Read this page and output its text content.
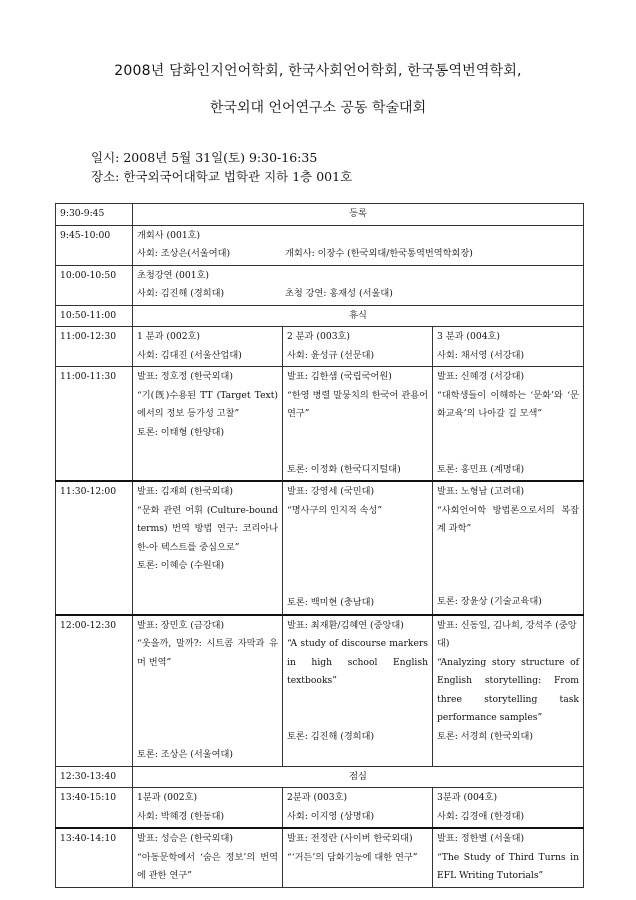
2008년 담화인지언어학회, 한국사회언어학회, 한국통역번역학회,
한국외대 언어연구소 공동 학술대회
일시: 2008년 5월 31일(토) 9:30-16:35
장소: 한국외국어대학교 법학관 지하 1층 001호
9:30-9:45	등록		
9:45-10:00	개회사 (001호)
사회: 조상은(서울여대) 개회사: 이장수 (한국외대/한국통역번역학회장)		

10:00-10:50	초청강연 (001호)
사회: 김진해 (경희대) 초청 강연: 홍재성 (서울대)		

10:50-11:00	휴식		
11:00-12:30	1 분과 (002호)
사회: 김대진 (서울산업대)	2 분과 (003호)
사회: 윤성규 (선문대)	3 분과 (004호)
사회: 채서영 (서강대)

11:00-11:30	발표: 정호정 (한국외대)
“기(旣)수용된 TT (Target Text)에서의 정보 등가성 고찰”
토론: 이태형 (한양대)	발표: 김한샘 (국립국어원)
“한영 병렬 말뭉치의 한국어 관용어 연구”
토론: 이정화 (한국디지털대)	발표: 신혜경 (서강대)
“대학생들이 이해하는 ‘문화’와 ‘문화교육’의 나아갈 길 모색”
토론: 홍민표 (계명대)

11:30-12:00	발표: 김재희 (한국외대)
“문화 관련 어휘 (Culture-bound terms) 번역 방법 연구: 코리아나 한-아 텍스트를 중심으로”
토론: 이혜승 (수원대)	발표: 강영세 (국민대)
“명사구의 인지적 속성”
토론: 백미현 (충남대)	발표: 노형남 (고려대)
“사회언어학 방법론으로서의 복잡계 과학”
토론: 장윤상 (기술교육대)

12:00-12:30	발표: 장민호 (금강대)
“웃을까, 말까?: 시트콤 자막과 유머 번역”
토론: 조상은 (서울여대)	발표: 최재환/김혜연 (중앙대)
“A study of discourse markers in high school English textbooks”
토론: 김진해 (경희대)	발표: 신동일, 김나희, 강석주 (중앙대)
“Analyzing story structure of English storytelling: From three storytelling task performance samples”
토론: 서경희 (한국외대)

12:30-13:40	점심		
13:40-15:10	1분과 (002호)
사회: 박혜경 (한동대)	2분과 (003호)
사회: 이지영 (상명대)	3분과 (004호)
사회: 김경애 (한경대)

13:40-14:10	발표: 성승은 (한국외대)
“아동문학에서 ‘숨은 정보’의 번역에 관한 연구”	발표: 전정란 (사이버 한국외대)
“‘거든’의 담화기능에 대한 연구”	발표: 정한별 (서울대)
“The Study of Third Turns in EFL Writing Tutorials”
